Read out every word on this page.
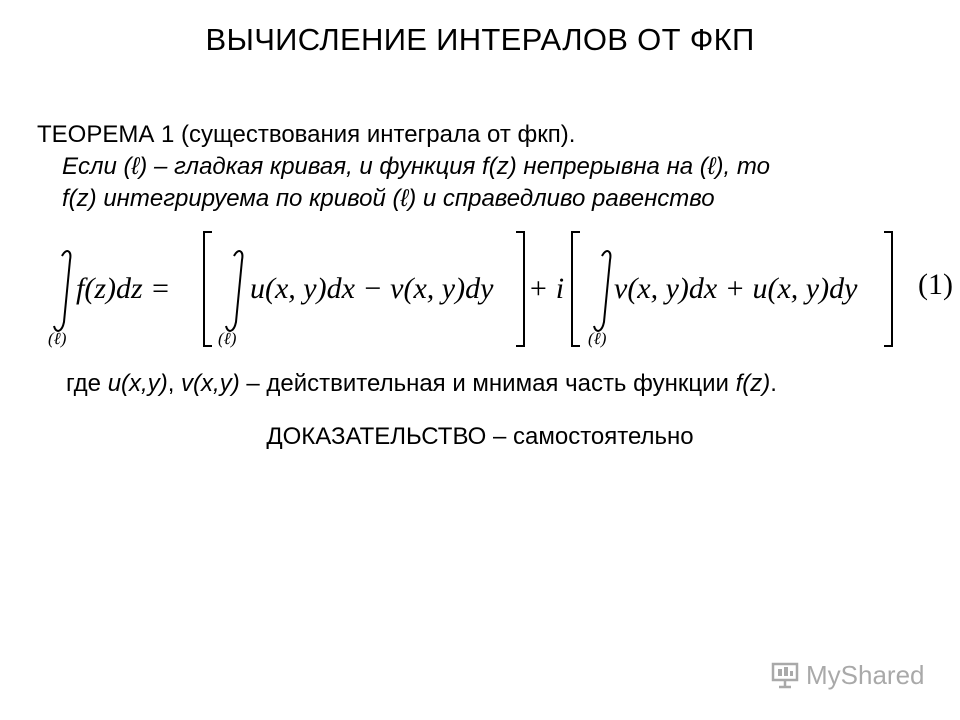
ВЫЧИСЛЕНИЕ ИНТЕРАЛОВ ОТ ФКП
ТЕОРЕМА 1 (существования интеграла от фкп).
Если (ℓ) – гладкая кривая, и функция f(z) непрерывна на (ℓ), то
f(z) интегрируема по кривой (ℓ) и справедливо равенство
(ℓ)
f(z)dz =
(ℓ)
u(x, y)dx − v(x, y)dy + i
(ℓ)
v(x, y)dx + u(x, y)dy (1)
где u(x,y), v(x,y) – действительная и мнимая часть функции f(z).
ДОКАЗАТЕЛЬСТВО – самостоятельно
MyShared
